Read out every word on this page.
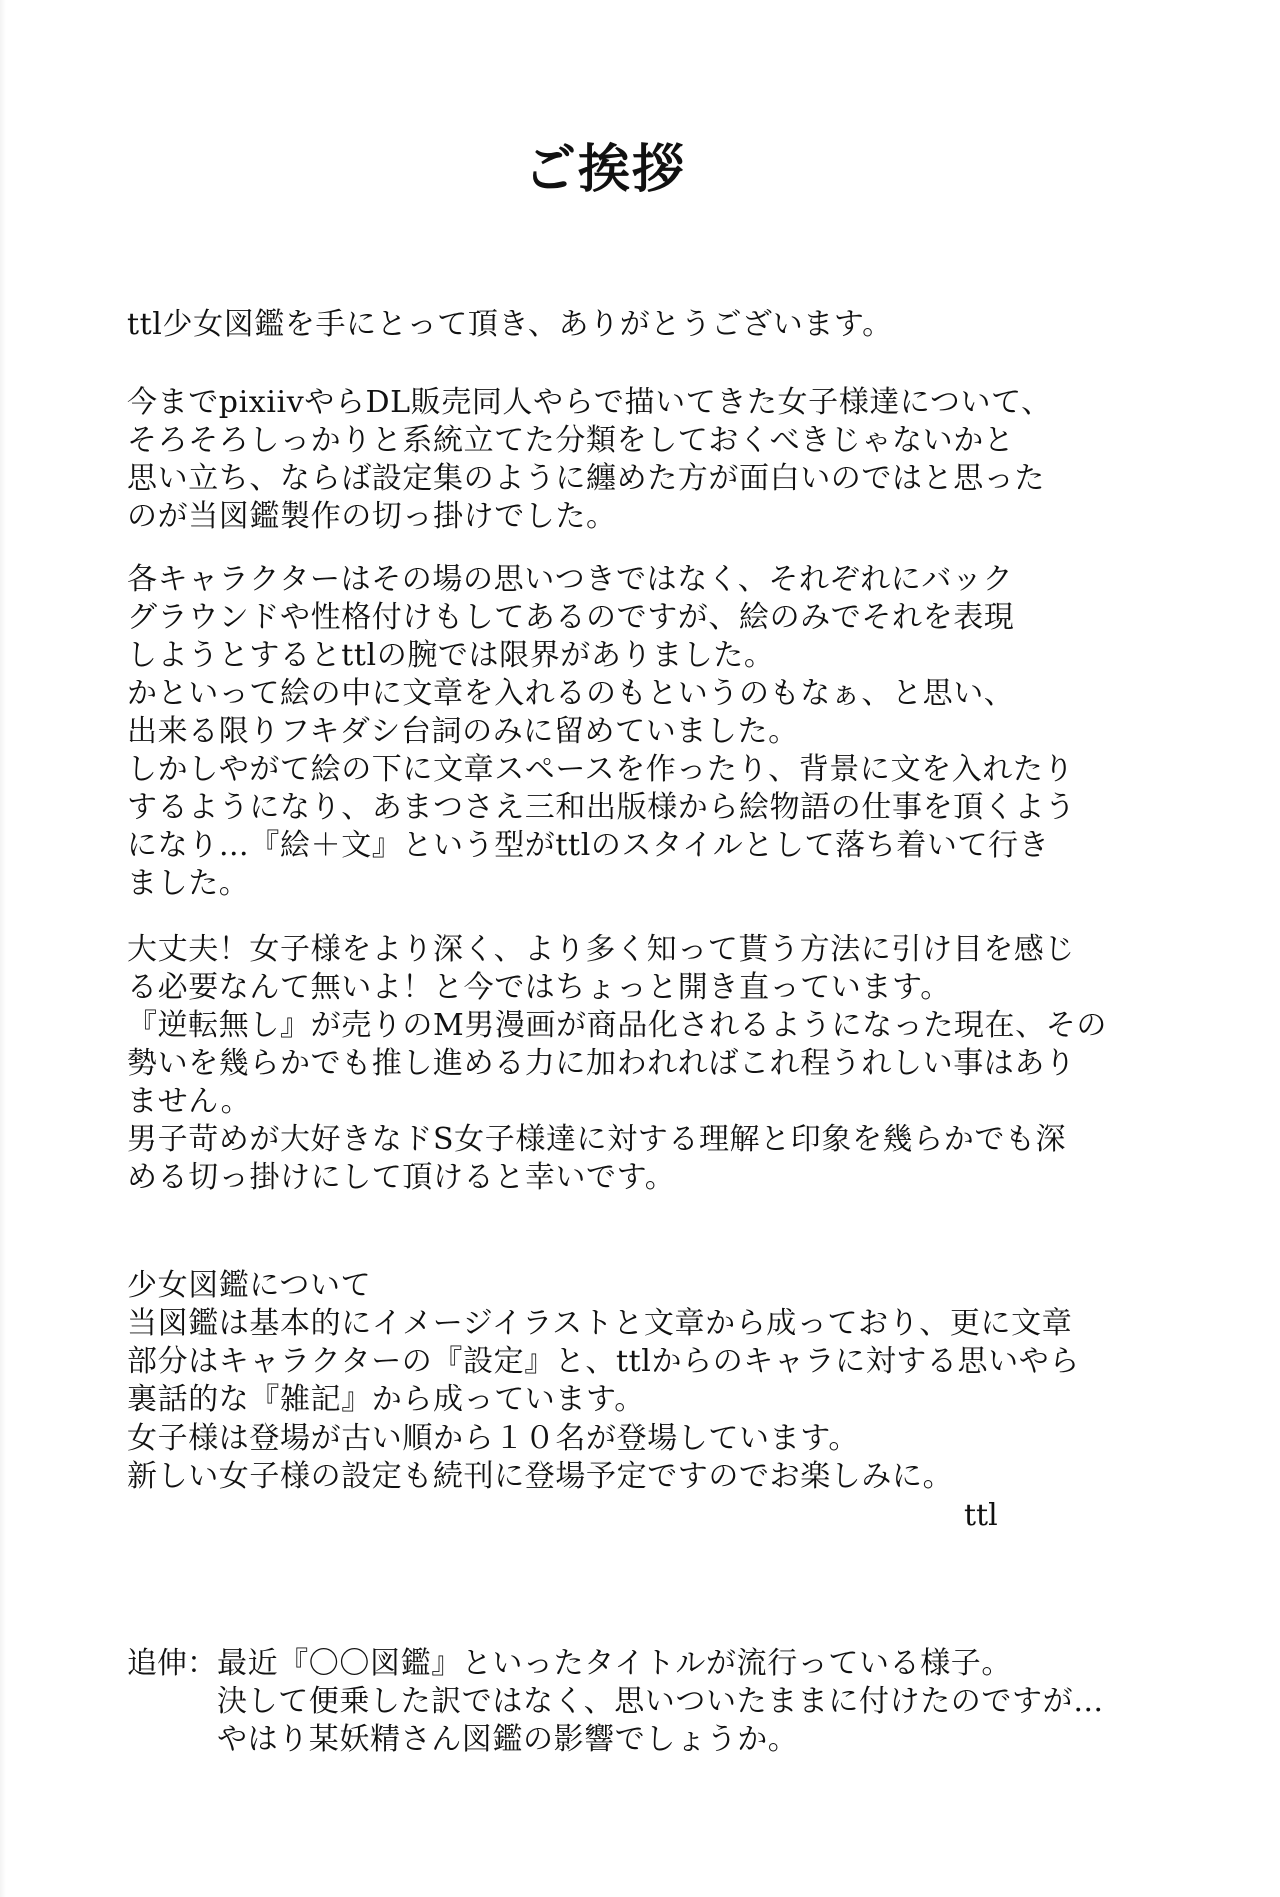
ご挨拶
ttl少女図鑑を手にとって頂き、ありがとうございます。
今までpixiivやらDL販売同人やらで描いてきた女子様達について、
そろそろしっかりと系統立てた分類をしておくべきじゃないかと
思い立ち、ならば設定集のように纏めた方が面白いのではと思った
のが当図鑑製作の切っ掛けでした。
各キャラクターはその場の思いつきではなく、それぞれにバック
グラウンドや性格付けもしてあるのですが、絵のみでそれを表現
しようとするとttlの腕では限界がありました。
かといって絵の中に文章を入れるのもというのもなぁ、と思い、
出来る限りフキダシ台詞のみに留めていました。
しかしやがて絵の下に文章スペースを作ったり、背景に文を入れたり
するようになり、あまつさえ三和出版様から絵物語の仕事を頂くよう
になり…『絵＋文』という型がttlのスタイルとして落ち着いて行き
ました。
大丈夫！女子様をより深く、より多く知って貰う方法に引け目を感じ
る必要なんて無いよ！と今ではちょっと開き直っています。
『逆転無し』が売りのM男漫画が商品化されるようになった現在、その
勢いを幾らかでも推し進める力に加われればこれ程うれしい事はあり
ません。
男子苛めが大好きなドS女子様達に対する理解と印象を幾らかでも深
める切っ掛けにして頂けると幸いです。
少女図鑑について
当図鑑は基本的にイメージイラストと文章から成っており、更に文章
部分はキャラクターの『設定』と、ttlからのキャラに対する思いやら
裏話的な『雑記』から成っています。
女子様は登場が古い順から１０名が登場しています。
新しい女子様の設定も続刊に登場予定ですのでお楽しみに。
ttl
追伸： 最近『〇〇図鑑』といったタイトルが流行っている様子。
決して便乗した訳ではなく、思いついたままに付けたのですが…
やはり某妖精さん図鑑の影響でしょうか。
